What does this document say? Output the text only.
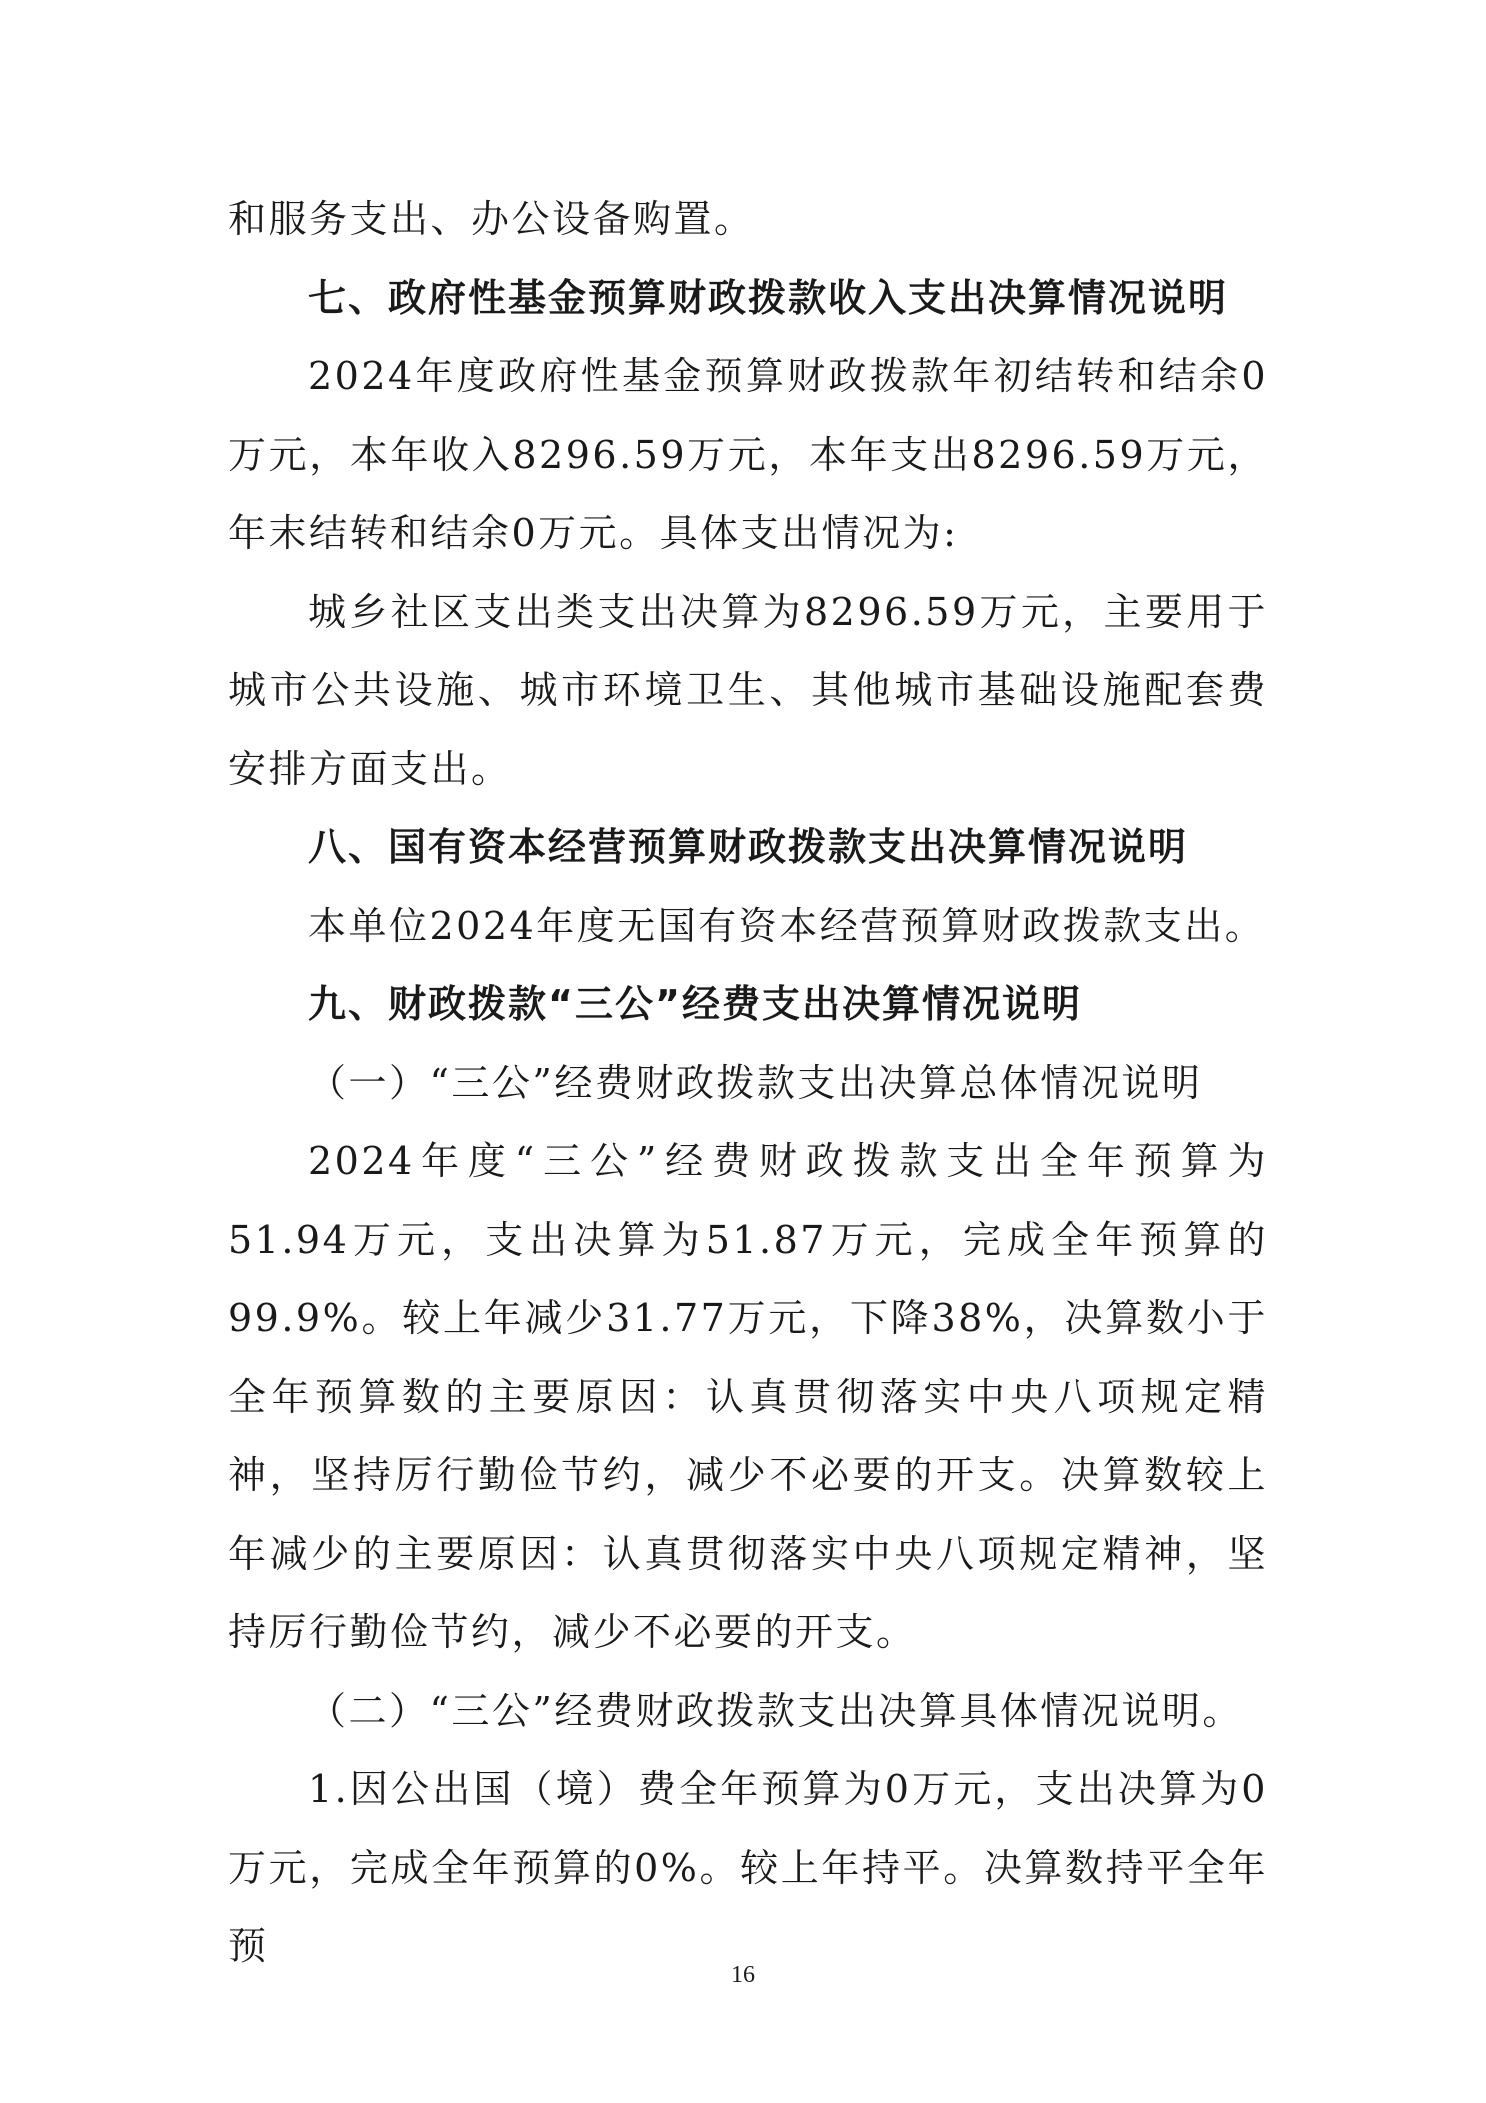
和服务支出、办公设备购置。

七、政府性基金预算财政拨款收入支出决算情况说明

2024年度政府性基金预算财政拨款年初结转和结余0万元，本年收入8296.59万元，本年支出8296.59万元，年末结转和结余0万元。具体支出情况为:

城乡社区支出类支出决算为8296.59万元，主要用于城市公共设施、城市环境卫生、其他城市基础设施配套费安排方面支出。

八、国有资本经营预算财政拨款支出决算情况说明

本单位2024年度无国有资本经营预算财政拨款支出。

九、财政拨款“三公”经费支出决算情况说明

（一）“三公”经费财政拨款支出决算总体情况说明

2024年度“三公”经费财政拨款支出全年预算为51.94万元，支出决算为51.87万元，完成全年预算的99.9%。较上年减少31.77万元，下降38%，决算数小于全年预算数的主要原因：认真贯彻落实中央八项规定精神，坚持厉行勤俭节约，减少不必要的开支。决算数较上年减少的主要原因：认真贯彻落实中央八项规定精神，坚持厉行勤俭节约，减少不必要的开支。

（二）“三公”经费财政拨款支出决算具体情况说明。

1.因公出国（境）费全年预算为0万元，支出决算为0万元，完成全年预算的0%。较上年持平。决算数持平全年预

16
